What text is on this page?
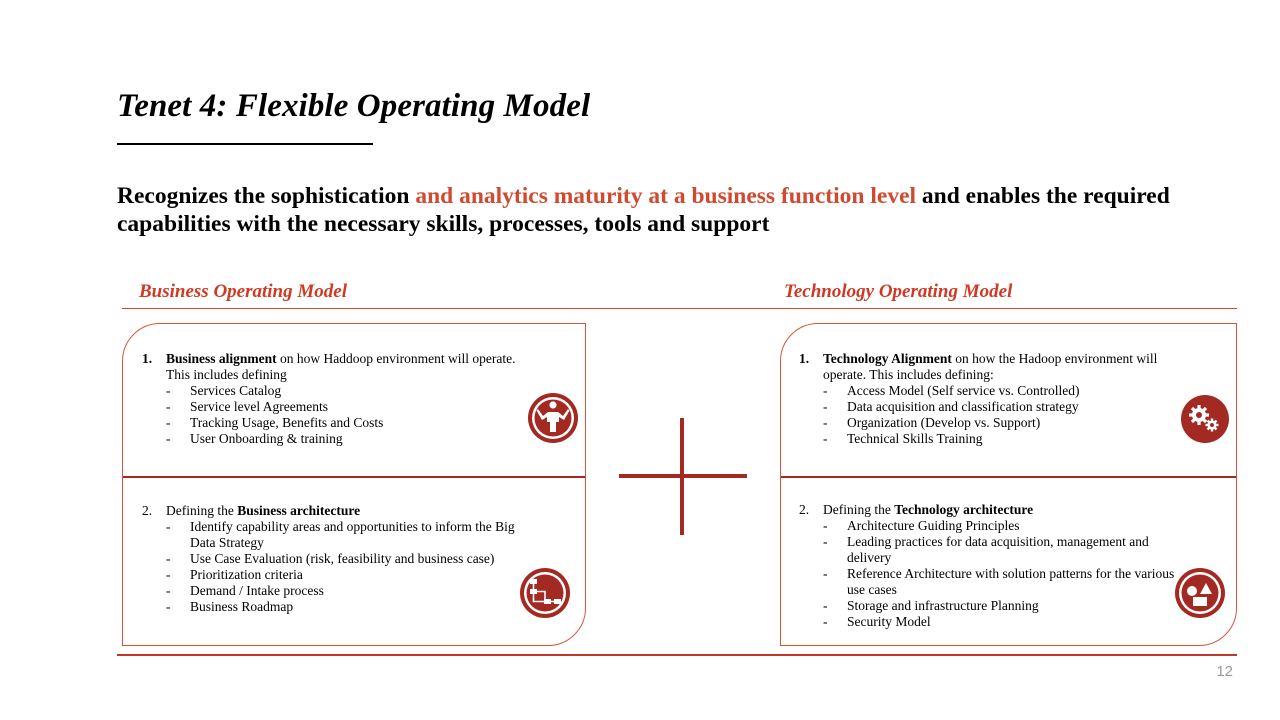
Tenet 4: Flexible Operating Model
Recognizes the sophistication and analytics maturity at a business function level and enables the required capabilities with the necessary skills, processes, tools and support
Business Operating Model	Technology Operating Model
1.	Business alignment on how Haddoop environment will operate. This includes defining
-	Services Catalog
-	Service level Agreements
-	Tracking Usage, Benefits and Costs
-	User Onboarding & training
2.	Defining the Business architecture
-	Identify capability areas and opportunities to inform the Big Data Strategy
-	Use Case Evaluation (risk, feasibility and business case)
-	Prioritization criteria
-	Demand / Intake process
-	Business Roadmap
1.	Technology Alignment on how the Hadoop environment will operate. This includes defining:
-	Access Model (Self service vs. Controlled)
-	Data acquisition and classification strategy
-	Organization (Develop vs. Support)
-	Technical Skills Training
2.	Defining the Technology architecture
-	Architecture Guiding Principles
-	Leading practices for data acquisition, management and delivery
-	Reference Architecture with solution patterns for the various use cases
-	Storage and infrastructure Planning
-	Security Model
12
